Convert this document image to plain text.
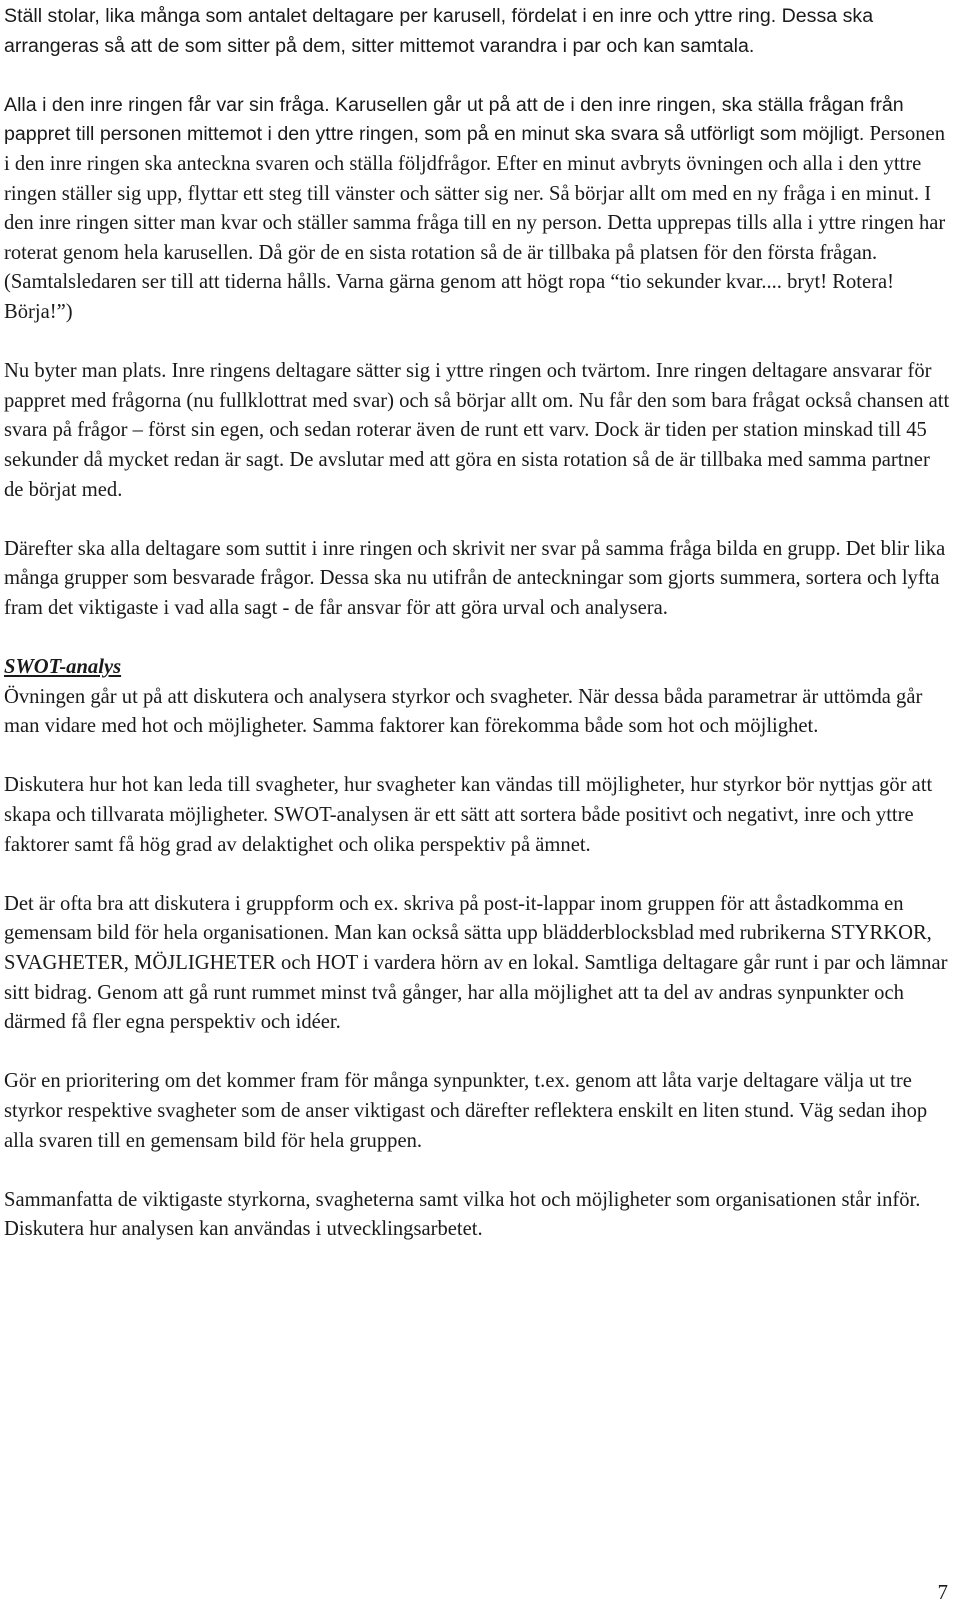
Ställ stolar, lika många som antalet deltagare per karusell, fördelat i en inre och yttre ring. Dessa ska arrangeras så att de som sitter på dem, sitter mittemot varandra i par och kan samtala.

Alla i den inre ringen får var sin fråga. Karusellen går ut på att de i den inre ringen, ska ställa frågan från pappret till personen mittemot i den yttre ringen, som på en minut ska svara så utförligt som möjligt. Personen i den inre ringen ska anteckna svaren och ställa följdfrågor. Efter en minut avbryts övningen och alla i den yttre ringen ställer sig upp, flyttar ett steg till vänster och sätter sig ner. Så börjar allt om med en ny fråga i en minut. I den inre ringen sitter man kvar och ställer samma fråga till en ny person. Detta upprepas tills alla i yttre ringen har roterat genom hela karusellen. Då gör de en sista rotation så de är tillbaka på platsen för den första frågan. (Samtalsledaren ser till att tiderna hålls. Varna gärna genom att högt ropa “tio sekunder kvar.... bryt! Rotera! Börja!”)

Nu byter man plats. Inre ringens deltagare sätter sig i yttre ringen och tvärtom. Inre ringen deltagare ansvarar för pappret med frågorna (nu fullklottrat med svar) och så börjar allt om. Nu får den som bara frågat också chansen att svara på frågor – först sin egen, och sedan roterar även de runt ett varv. Dock är tiden per station minskad till 45 sekunder då mycket redan är sagt. De avslutar med att göra en sista rotation så de är tillbaka med samma partner de börjat med.

Därefter ska alla deltagare som suttit i inre ringen och skrivit ner svar på samma fråga bilda en grupp. Det blir lika många grupper som besvarade frågor. Dessa ska nu utifrån de anteckningar som gjorts summera, sortera och lyfta fram det viktigaste i vad alla sagt - de får ansvar för att göra urval och analysera.

SWOT-analys
Övningen går ut på att diskutera och analysera styrkor och svagheter. När dessa båda parametrar är uttömda går man vidare med hot och möjligheter. Samma faktorer kan förekomma både som hot och möjlighet.

Diskutera hur hot kan leda till svagheter, hur svagheter kan vändas till möjligheter, hur styrkor bör nyttjas gör att skapa och tillvarata möjligheter. SWOT-analysen är ett sätt att sortera både positivt och negativt, inre och yttre faktorer samt få hög grad av delaktighet och olika perspektiv på ämnet.

Det är ofta bra att diskutera i gruppform och ex. skriva på post-it-lappar inom gruppen för att åstadkomma en gemensam bild för hela organisationen. Man kan också sätta upp blädderblocksblad med rubrikerna STYRKOR, SVAGHETER, MÖJLIGHETER och HOT i vardera hörn av en lokal. Samtliga deltagare går runt i par och lämnar sitt bidrag. Genom att gå runt rummet minst två gånger, har alla möjlighet att ta del av andras synpunkter och därmed få fler egna perspektiv och idéer.

Gör en prioritering om det kommer fram för många synpunkter, t.ex. genom att låta varje deltagare välja ut tre styrkor respektive svagheter som de anser viktigast och därefter reflektera enskilt en liten stund. Väg sedan ihop alla svaren till en gemensam bild för hela gruppen.

Sammanfatta de viktigaste styrkorna, svagheterna samt vilka hot och möjligheter som organisationen står inför. Diskutera hur analysen kan användas i utvecklingsarbetet.

7
